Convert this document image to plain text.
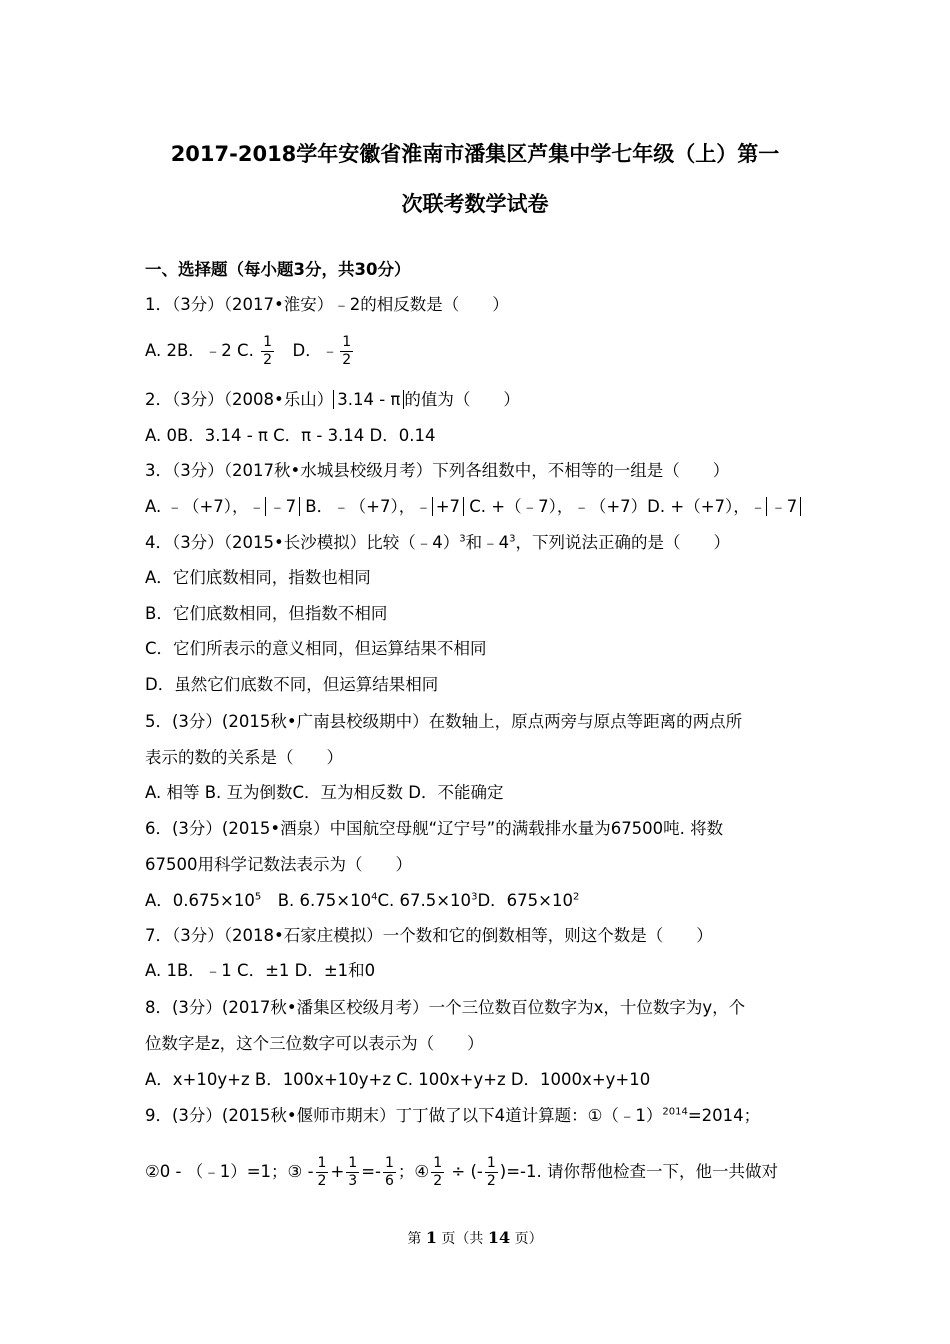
2017-2018学年安徽省淮南市潘集区芦集中学七年级（上）第一
次联考数学试卷
一、选择题（每小题3分，共30分）
1．（3分）（2017•淮安）﹣2的相反数是（　　）
A. 2B．﹣2 C. $\frac{1}{2}$ 　D．﹣ $\frac{1}{2}$
2．（3分）（2008•乐山） 3.14 - π 的值为（　　）
A. 0B．3.14 - π C．π - 3.14 D．0.14
3．（3分）（2017秋•水城县校级月考）下列各组数中，不相等的一组是（　　）
A. ﹣（+7），﹣ ﹣7 B．﹣（+7），﹣ +7 C. +（﹣7），﹣（+7）D. +（+7），﹣ ﹣7
4．（3分）（2015•长沙模拟）比较（﹣4）$^3$和$﹣4^3$，下列说法正确的是（　　）
A．它们底数相同，指数也相同
B．它们底数相同，但指数不相同
C．它们所表示的意义相同，但运算结果不相同
D．虽然它们底数不同，但运算结果相同
5．(3分）(2015秋•广南县校级期中）在数轴上，原点两旁与原点等距离的两点所
表示的数的关系是（　　）
A. 相等 B. 互为倒数C．互为相反数 D．不能确定
6．(3分）(2015•酒泉）中国航空母舰“辽宁号”的满载排水量为67500吨. 将数
67500用科学记数法表示为（　　）
A．$0.675\times 10^5$　B. $6.75\times 10^4C$. $67.5\times 10^3D$．$675\times 10^2$
7．（3分）（2018•石家庄模拟）一个数和它的倒数相等，则这个数是（　　）
A. 1B．﹣1 C．±1 D．±1和0
8．(3分）(2017秋•潘集区校级月考）一个三位数百位数字为x，十位数字为y，个
位数字是z，这个三位数字可以表示为（　　）
A．x+10y+z B．100x+10y+z C. 100x+y+z D．1000x+y+10
9．(3分）(2015秋•偃师市期末）丁丁做了以下4道计算题：①（﹣1）$^{2014}$=2014；
②0 - （﹣1）=1；③ - $\frac{1}{2} + \frac{1}{3} =- \frac{1}{6}$ ；④ $\frac{1}{2}$ ÷ (- $\frac{1}{2} )=-1$. 请你帮他检查一下，他一共做对
第 1 页（共 14 页）
